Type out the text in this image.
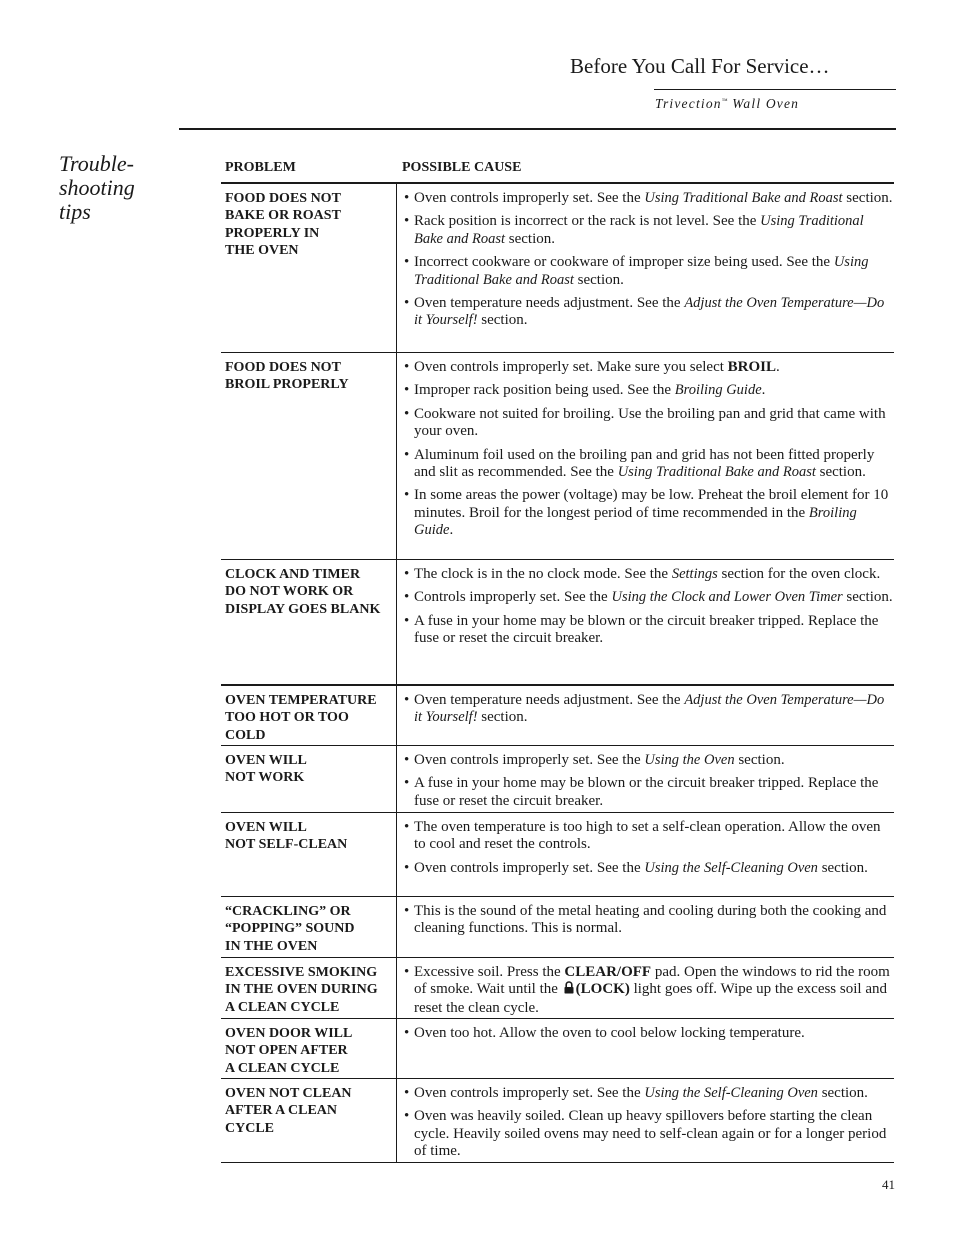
Before You Call For Service…
Trivection™ Wall Oven
Trouble-
shooting
tips
PROBLEM	POSSIBLE CAUSE
FOOD DOES NOT
BAKE OR ROAST
PROPERLY IN
THE OVEN
• Oven controls improperly set. See the Using Traditional Bake and Roast section.
• Rack position is incorrect or the rack is not level. See the Using Traditional Bake and Roast section.
• Incorrect cookware or cookware of improper size being used. See the Using Traditional Bake and Roast section.
• Oven temperature needs adjustment. See the Adjust the Oven Temperature—Do it Yourself! section.
FOOD DOES NOT
BROIL PROPERLY
• Oven controls improperly set. Make sure you select BROIL.
• Improper rack position being used. See the Broiling Guide.
• Cookware not suited for broiling. Use the broiling pan and grid that came with your oven.
• Aluminum foil used on the broiling pan and grid has not been fitted properly and slit as recommended. See the Using Traditional Bake and Roast section.
• In some areas the power (voltage) may be low. Preheat the broil element for 10 minutes. Broil for the longest period of time recommended in the Broiling Guide.
CLOCK AND TIMER
DO NOT WORK OR
DISPLAY GOES BLANK
• The clock is in the no clock mode. See the Settings section for the oven clock.
• Controls improperly set. See the Using the Clock and Lower Oven Timer section.
• A fuse in your home may be blown or the circuit breaker tripped. Replace the fuse or reset the circuit breaker.
OVEN TEMPERATURE
TOO HOT OR TOO
COLD
• Oven temperature needs adjustment. See the Adjust the Oven Temperature—Do it Yourself! section.
OVEN WILL
NOT WORK
• Oven controls improperly set. See the Using the Oven section.
• A fuse in your home may be blown or the circuit breaker tripped. Replace the fuse or reset the circuit breaker.
OVEN WILL
NOT SELF-CLEAN
• The oven temperature is too high to set a self-clean operation. Allow the oven to cool and reset the controls.
• Oven controls improperly set. See the Using the Self-Cleaning Oven section.
“CRACKLING” OR
“POPPING” SOUND
IN THE OVEN
• This is the sound of the metal heating and cooling during both the cooking and cleaning functions. This is normal.
EXCESSIVE SMOKING
IN THE OVEN DURING
A CLEAN CYCLE
• Excessive soil. Press the CLEAR/OFF pad. Open the windows to rid the room of smoke. Wait until the (LOCK) light goes off. Wipe up the excess soil and reset the clean cycle.
OVEN DOOR WILL
NOT OPEN AFTER
A CLEAN CYCLE
• Oven too hot. Allow the oven to cool below locking temperature.
OVEN NOT CLEAN
AFTER A CLEAN
CYCLE
• Oven controls improperly set. See the Using the Self-Cleaning Oven section.
• Oven was heavily soiled. Clean up heavy spillovers before starting the clean cycle. Heavily soiled ovens may need to self-clean again or for a longer period of time.
41
